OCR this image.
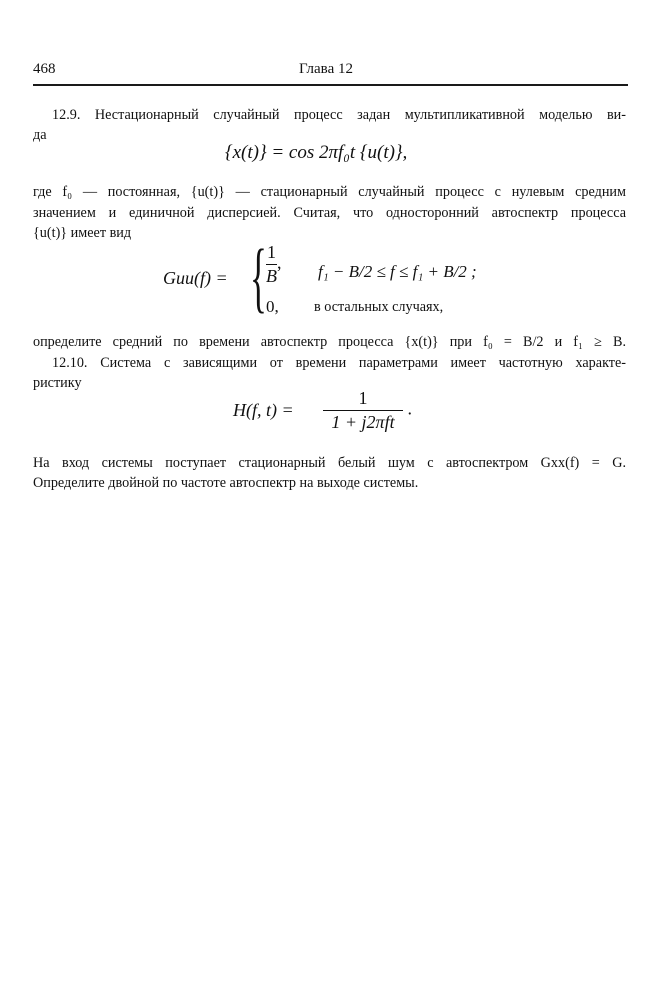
468	Глава 12
12.9. Нестационарный случайный процесс задан мультипликативной моделью ви-
да
{x(t)} = cos 2πf₀t {u(t)},
где f₀ — постоянная, {u(t)} — стационарный случайный процесс с нулевым средним
значением и единичной дисперсией. Считая, что односторонний автоспектр процесса
{u(t)} имеет вид
Guu(f) = { $\frac{1}{B}$ , f₁ − B/2 ≤ f ≤ f₁ + B/2 ;
0, в остальных случаях,
определите средний по времени автоспектр процесса {x(t)} при f₀ = B/2 и f₁ ≥ B.
12.10. Система с зависящими от времени параметрами имеет частотную характе-
ристику
H(f, $t) = \frac{1}{\text{1 + j2πft}}$ .
На вход системы поступает стационарный белый шум с автоспектром Gxx(f) = G.
Определите двойной по частоте автоспектр на выходе системы.
